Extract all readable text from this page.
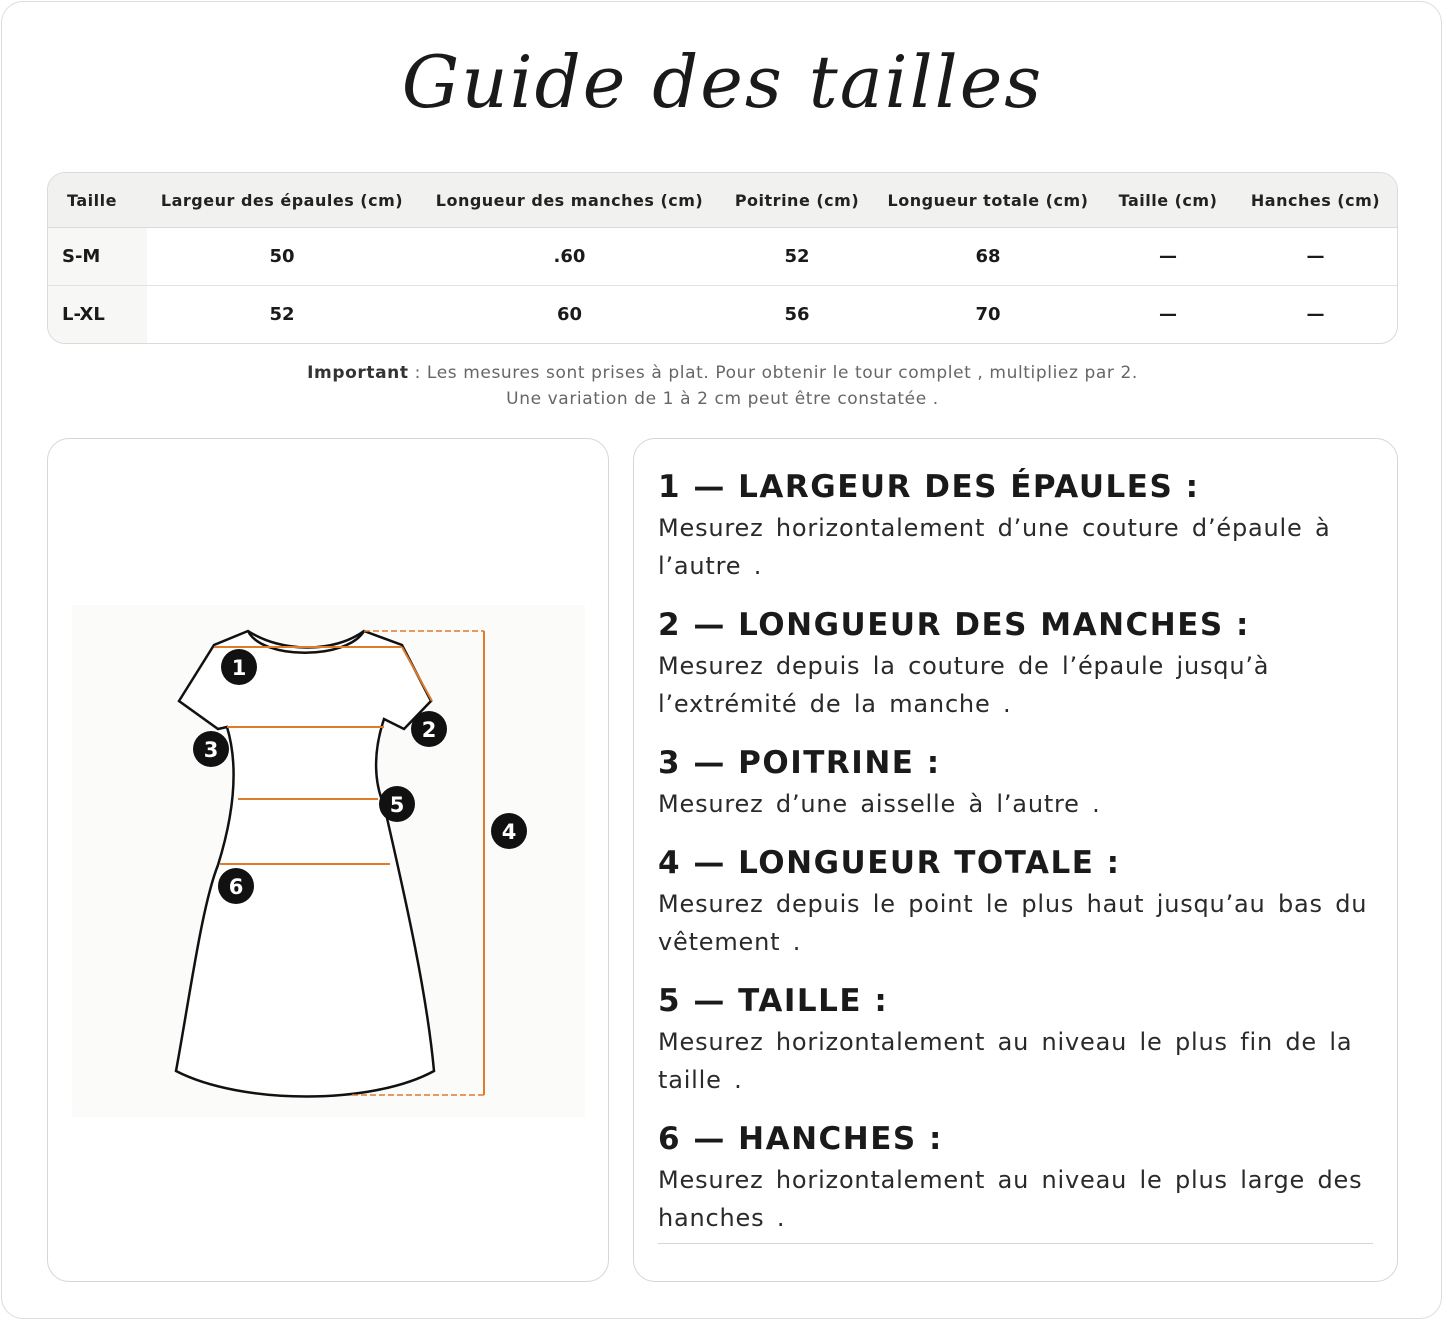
Guide des tailles
Taille	Largeur des épaules (cm)	Longueur des manches (cm)	Poitrine (cm)	Longueur totale (cm)	Taille (cm)	Hanches (cm)
S-M	50	.60	52	68	—	—
L-XL	52	60	56	70	—	—
Important : Les mesures sont prises à plat. Pour obtenir le tour complet , multipliez par 2.
Une variation de 1 à 2 cm peut être constatée .
1
2
3
4
5
6

1 — LARGEUR DES ÉPAULES :

Mesurez horizontalement d’une couture d’épaule à l’autre .

2 — LONGUEUR DES MANCHES :

Mesurez depuis la couture de l’épaule jusqu’à l’extrémité de la manche .

3 — POITRINE :

Mesurez d’une aisselle à l’autre .

4 — LONGUEUR TOTALE :

Mesurez depuis le point le plus haut jusqu’au bas du vêtement .

5 — TAILLE :

Mesurez horizontalement au niveau le plus fin de la taille .

6 — HANCHES :

Mesurez horizontalement au niveau le plus large des hanches .
